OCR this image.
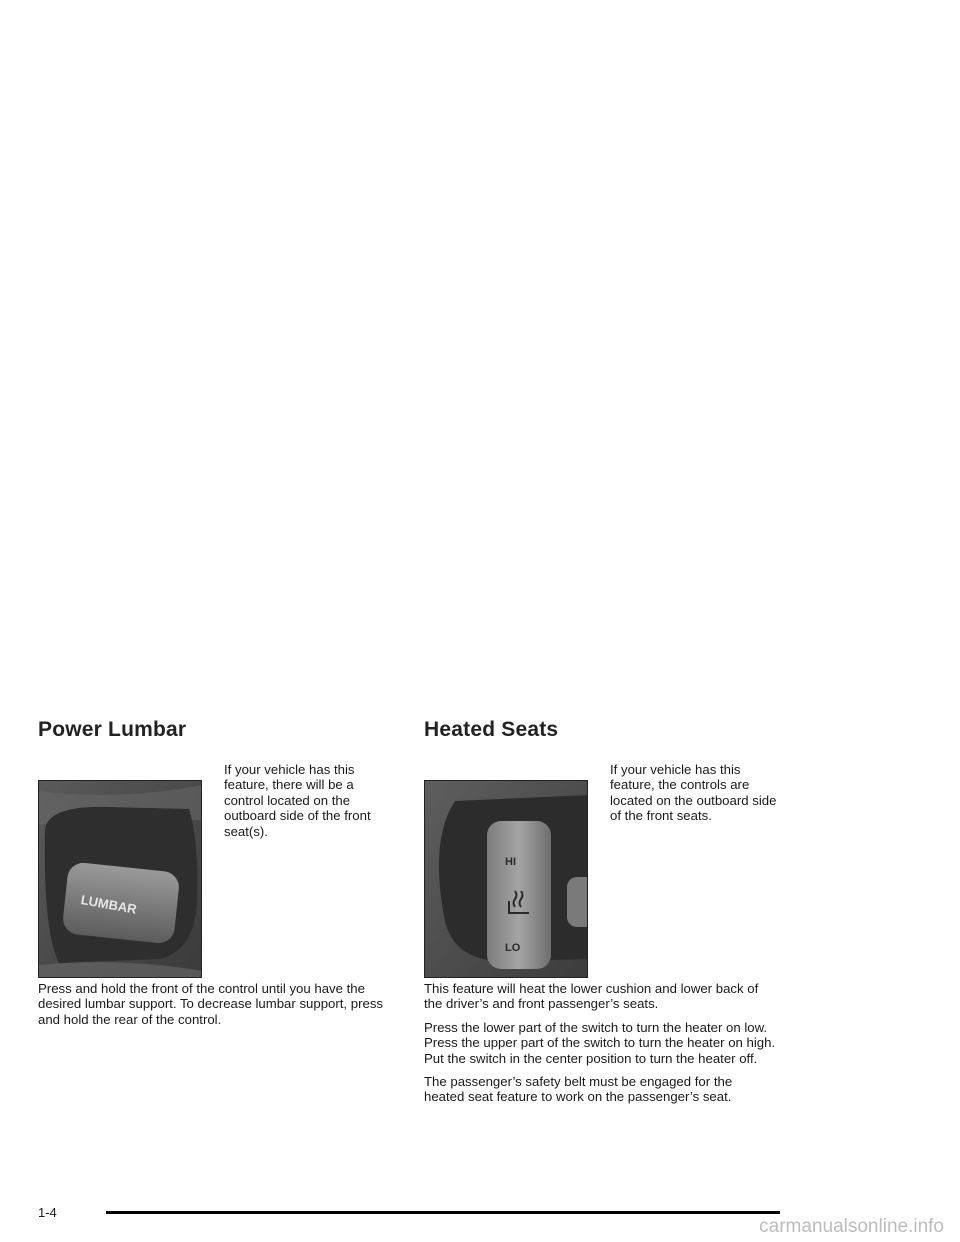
Power Lumbar
LUMBAR
If your vehicle has this feature, there will be a control located on the outboard side of the front seat(s).

Press and hold the front of the control until you have the desired lumbar support. To decrease lumbar support, press and hold the rear of the control.

Heated Seats
HI
LO
If your vehicle has this feature, the controls are located on the outboard side of the front seats.

This feature will heat the lower cushion and lower back of the driver’s and front passenger’s seats.

Press the lower part of the switch to turn the heater on low. Press the upper part of the switch to turn the heater on high. Put the switch in the center position to turn the heater off.

The passenger’s safety belt must be engaged for the heated seat feature to work on the passenger’s seat.

1-4
carmanualsonline.info
